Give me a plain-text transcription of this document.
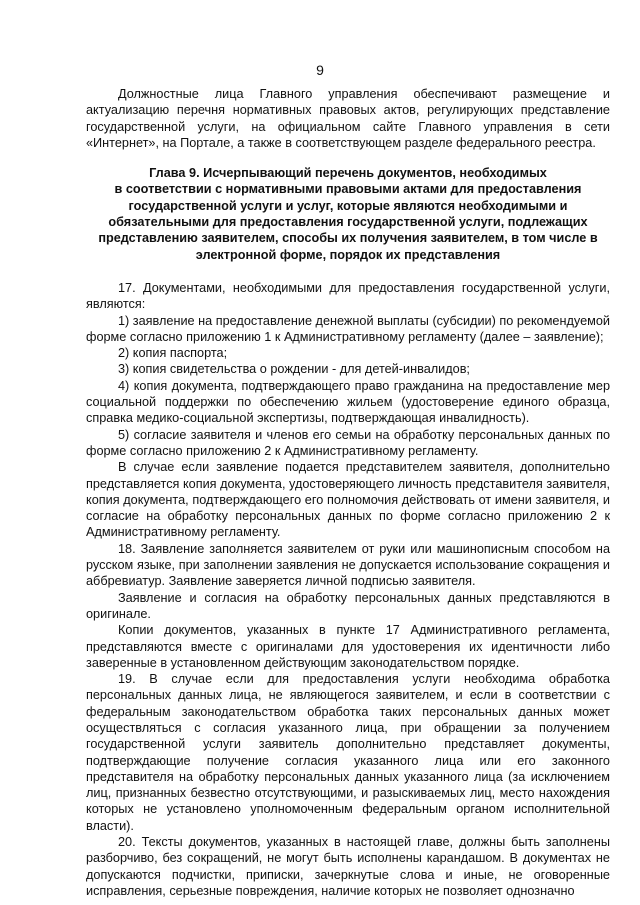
9

Должностные лица Главного управления обеспечивают размещение и актуализацию перечня нормативных правовых актов, регулирующих представление государственной услуги, на официальном сайте Главного управления в сети «Интернет», на Портале, а также в соответствующем разделе федерального реестра.

Глава 9. Исчерпывающий перечень документов, необходимых
в соответствии с нормативными правовыми актами для предоставления
государственной услуги и услуг, которые являются необходимыми и
обязательными для предоставления государственной услуги, подлежащих
представлению заявителем, способы их получения заявителем, в том числе в
электронной форме, порядок их представления

17. Документами, необходимыми для предоставления государственной услуги, являются:

1) заявление на предоставление денежной выплаты (субсидии) по рекомендуемой форме согласно приложению 1 к Административному регламенту (далее – заявление);

2) копия паспорта;

3) копия свидетельства о рождении - для детей-инвалидов;

4) копия документа, подтверждающего право гражданина на предоставление мер социальной поддержки по обеспечению жильем (удостоверение единого образца, справка медико-социальной экспертизы, подтверждающая инвалидность).

5) согласие заявителя и членов его семьи на обработку персональных данных по форме согласно приложению 2 к Административному регламенту.

В случае если заявление подается представителем заявителя, дополнительно представляется копия документа, удостоверяющего личность представителя заявителя, копия документа, подтверждающего его полномочия действовать от имени заявителя, и согласие на обработку персональных данных по форме согласно приложению 2 к Административному регламенту.

18. Заявление заполняется заявителем от руки или машинописным способом на русском языке, при заполнении заявления не допускается использование сокращения и аббревиатур. Заявление заверяется личной подписью заявителя.

Заявление и согласия на обработку персональных данных представляются в оригинале.

Копии документов, указанных в пункте 17 Административного регламента, представляются вместе с оригиналами для удостоверения их идентичности либо заверенные в установленном действующим законодательством порядке.

19. В случае если для предоставления услуги необходима обработка персональных данных лица, не являющегося заявителем, и если в соответствии с федеральным законодательством обработка таких персональных данных может осуществляться с согласия указанного лица, при обращении за получением государственной услуги заявитель дополнительно представляет документы, подтверждающие получение согласия указанного лица или его законного представителя на обработку персональных данных указанного лица (за исключением лиц, признанных безвестно отсутствующими, и разыскиваемых лиц, место нахождения которых не установлено уполномоченным федеральным органом исполнительной власти).

20. Тексты документов, указанных в настоящей главе, должны быть заполнены разборчиво, без сокращений, не могут быть исполнены карандашом. В документах не допускаются подчистки, приписки, зачеркнутые слова и иные, не оговоренные исправления, серьезные повреждения, наличие которых не позволяет однозначно
